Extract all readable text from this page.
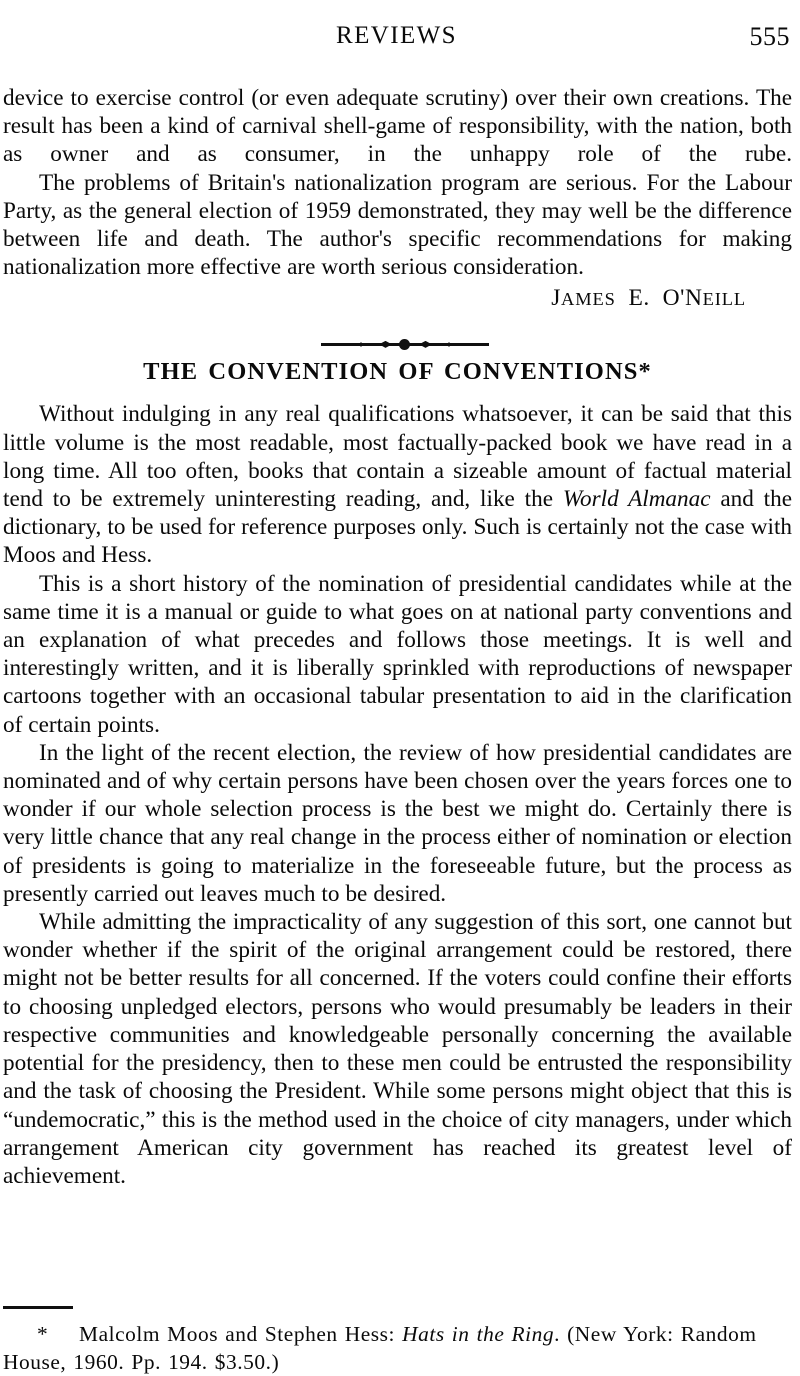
REVIEWS	555

device to exercise control (or even adequate scrutiny) over their own creations. The result has been a kind of carnival shell-game of responsibility, with the nation, both as owner and as consumer, in the unhappy role of the rube.

The problems of Britain's nationalization program are serious. For the Labour Party, as the general election of 1959 demonstrated, they may well be the difference between life and death. The author's specific recommendations for making nationalization more effective are worth serious consideration.

JAMES E. O'NEILL
THE CONVENTION OF CONVENTIONS*

Without indulging in any real qualifications whatsoever, it can be said that this little volume is the most readable, most factually-packed book we have read in a long time. All too often, books that contain a sizeable amount of factual material tend to be extremely uninteresting reading, and, like the World Almanac and the dictionary, to be used for reference purposes only. Such is certainly not the case with Moos and Hess.

This is a short history of the nomination of presidential candidates while at the same time it is a manual or guide to what goes on at national party conventions and an explanation of what precedes and follows those meetings. It is well and interestingly written, and it is liberally sprinkled with reproductions of newspaper cartoons together with an occasional tabular presentation to aid in the clarification of certain points.

In the light of the recent election, the review of how presidential candidates are nominated and of why certain persons have been chosen over the years forces one to wonder if our whole selection process is the best we might do. Certainly there is very little chance that any real change in the process either of nomination or election of presidents is going to materialize in the foreseeable future, but the process as presently carried out leaves much to be desired.

While admitting the impracticality of any suggestion of this sort, one cannot but wonder whether if the spirit of the original arrangement could be restored, there might not be better results for all concerned. If the voters could confine their efforts to choosing unpledged electors, persons who would presumably be leaders in their respective communities and knowledgeable personally concerning the available potential for the presidency, then to these men could be entrusted the responsibility and the task of choosing the President. While some persons might object that this is “undemocratic,” this is the method used in the choice of city managers, under which arrangement American city government has reached its greatest level of achievement.

* Malcolm Moos and Stephen Hess: Hats in the Ring. (New York: Random House, 1960. Pp. 194. $3.50.)
